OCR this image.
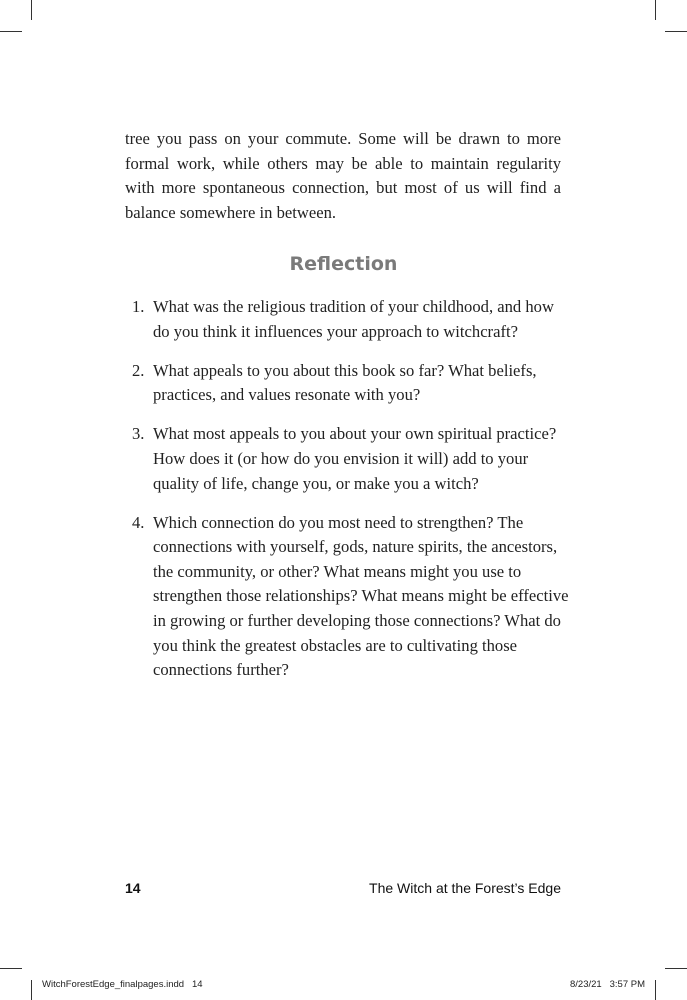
tree you pass on your commute. Some will be drawn to more formal work, while others may be able to maintain regularity with more spontaneous connection, but most of us will find a balance somewhere in between.

Reflection
1. What was the religious tradition of your childhood, and how do you think it influences your approach to witchcraft?
2. What appeals to you about this book so far? What beliefs, practices, and values resonate with you?
3. What most appeals to you about your own spiritual practice? How does it (or how do you envision it will) add to your quality of life, change you, or make you a witch?
4. Which connection do you most need to strengthen? The connections with yourself, gods, nature spirits, the ancestors, the community, or other? What means might you use to strengthen those relationships? What means might be effective in growing or further developing those connections? What do you think the greatest obstacles are to cultivating those connections further?
14	The Witch at the Forest’s Edge
WitchForestEdge_finalpages.indd   14	8/23/21   3:57 PM
